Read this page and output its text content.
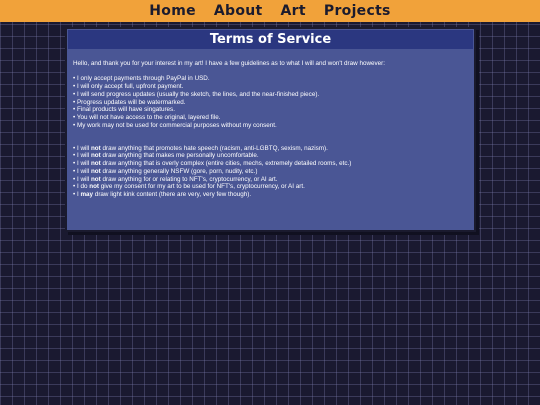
Home About Art Projects
Terms of Service

Hello, and thank you for your interest in my art! I have a few guidelines as to what I will and won't draw however:

• I only accept payments through PayPal in USD.
• I will only accept full, upfront payment.
• I will send progress updates (usually the sketch, the lines, and the near-finished piece).
• Progress updates will be watermarked.
• Final products will have singatures.
• You will not have access to the original, layered file.
• My work may not be used for commercial purposes without my consent.
• I will not draw anything that promotes hate speech (racism, anti-LGBTQ, sexism, nazism).
• I will not draw anything that makes me personally uncomfortable.
• I will not draw anything that is overly complex (entire cities, mechs, extremely detailed rooms, etc.)
• I will not draw anything generally NSFW (gore, porn, nudity, etc.)
• I will not draw anything for or relating to NFT's, cryptocurrency, or AI art.
• I do not give my consent for my art to be used for NFT's, cryptocurrency, or AI art.
• I may draw light kink content (there are very, very few though).
